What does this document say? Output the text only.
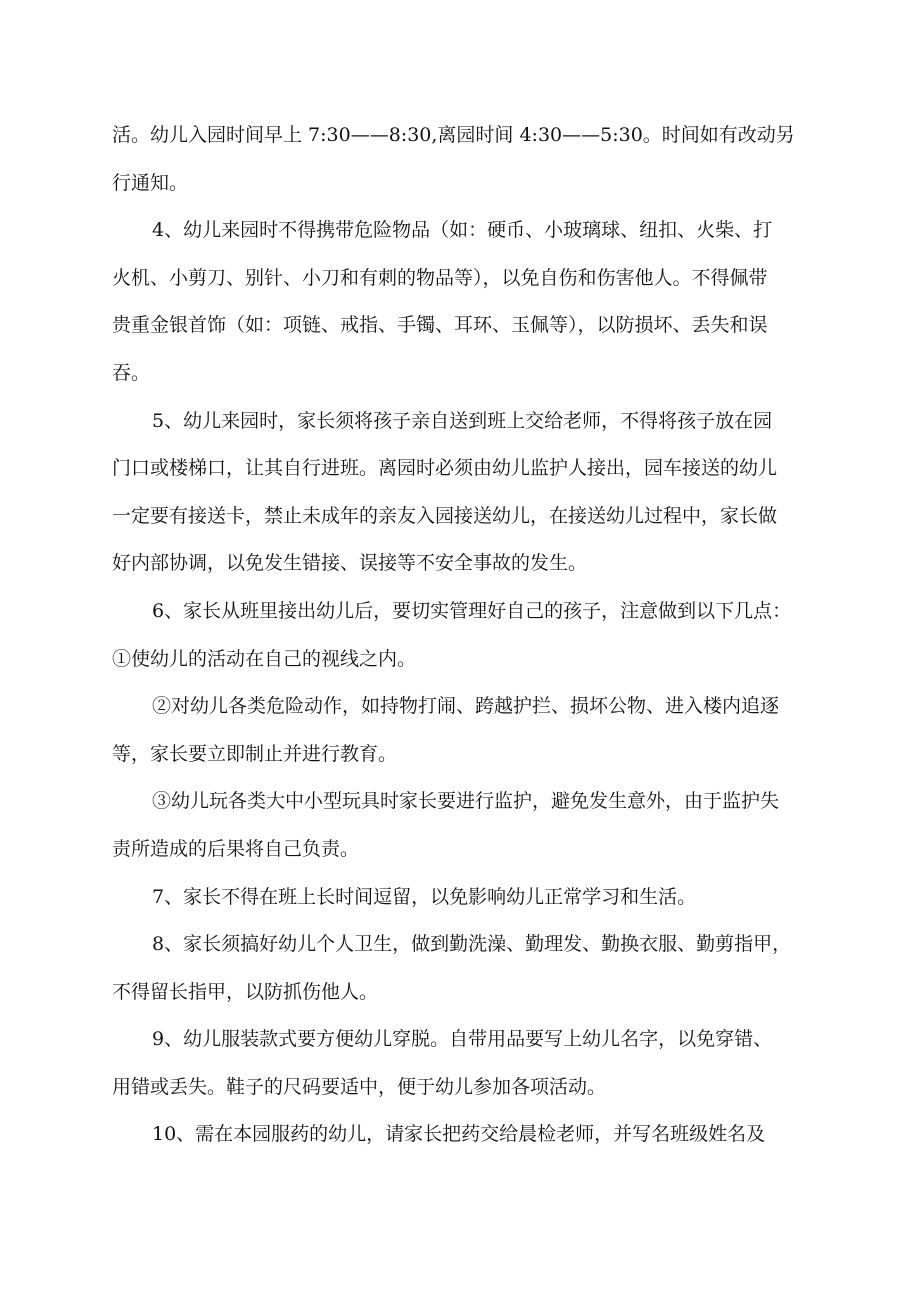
活。幼儿入园时间早上 7:30——8:30,离园时间 4:30——5:30。时间如有改动另
行通知。
4、幼儿来园时不得携带危险物品（如：硬币、小玻璃球、纽扣、火柴、打
火机、小剪刀、别针、小刀和有刺的物品等），以免自伤和伤害他人。不得佩带
贵重金银首饰（如：项链、戒指、手镯、耳环、玉佩等），以防损坏、丢失和误
吞。
5、幼儿来园时，家长须将孩子亲自送到班上交给老师，不得将孩子放在园
门口或楼梯口，让其自行进班。离园时必须由幼儿监护人接出，园车接送的幼儿
一定要有接送卡，禁止未成年的亲友入园接送幼儿，在接送幼儿过程中，家长做
好内部协调，以免发生错接、误接等不安全事故的发生。
6、家长从班里接出幼儿后，要切实管理好自己的孩子，注意做到以下几点：
①使幼儿的活动在自己的视线之内。
②对幼儿各类危险动作，如持物打闹、跨越护拦、损坏公物、进入楼内追逐
等，家长要立即制止并进行教育。
③幼儿玩各类大中小型玩具时家长要进行监护，避免发生意外，由于监护失
责所造成的后果将自己负责。
7、家长不得在班上长时间逗留，以免影响幼儿正常学习和生活。
8、家长须搞好幼儿个人卫生，做到勤洗澡、勤理发、勤换衣服、勤剪指甲，
不得留长指甲，以防抓伤他人。
9、幼儿服装款式要方便幼儿穿脱。自带用品要写上幼儿名字，以免穿错、
用错或丢失。鞋子的尺码要适中，便于幼儿参加各项活动。
10、需在本园服药的幼儿，请家长把药交给晨检老师，并写名班级姓名及
